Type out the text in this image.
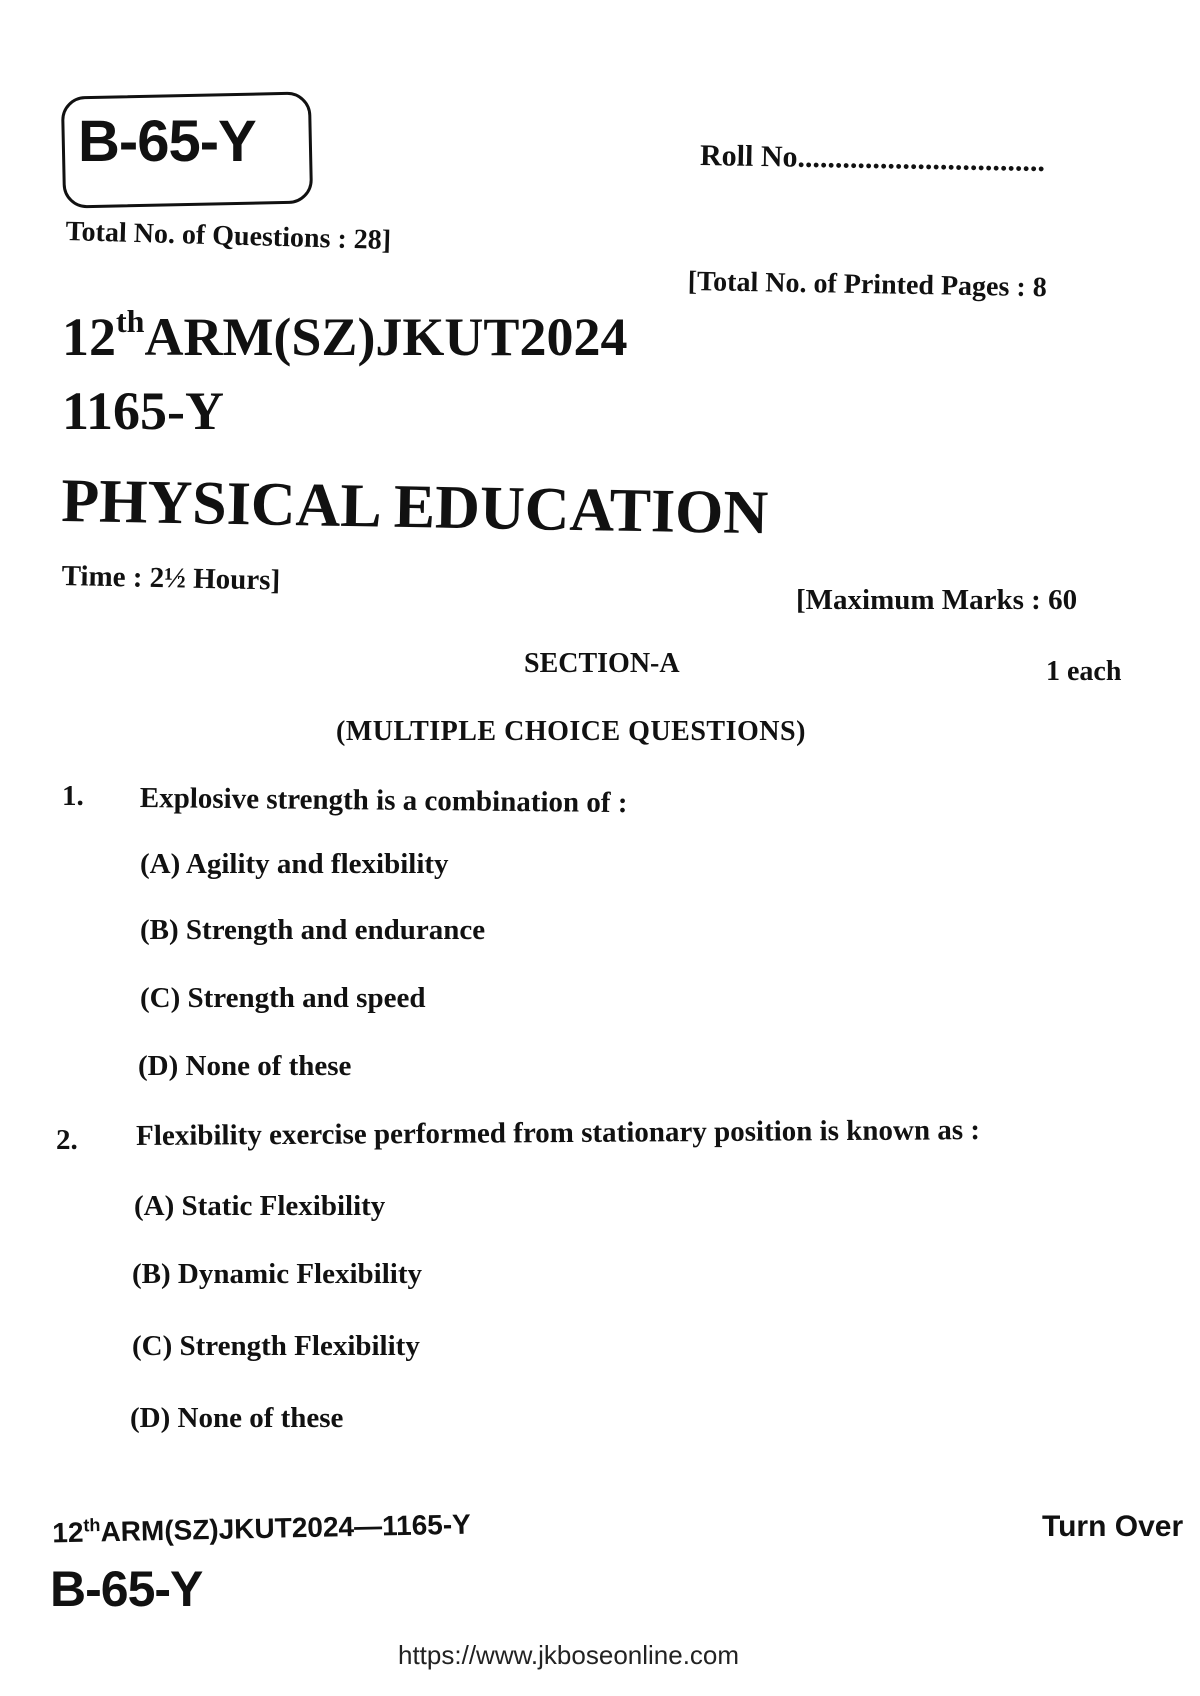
B-65-Y	Roll No.................................
Total No. of Questions : 28]
[Total No. of Printed Pages : 8
12thARM(SZ)JKUT2024
1165-Y
PHYSICAL EDUCATION
Time : 2½ Hours]
[Maximum Marks : 60
SECTION-A	1 each
(MULTIPLE CHOICE QUESTIONS)
1. Explosive strength is a combination of :
(A) Agility and flexibility
(B) Strength and endurance
(C) Strength and speed
(D) None of these
2. Flexibility exercise performed from stationary position is known as :
(A) Static Flexibility
(B) Dynamic Flexibility
(C) Strength Flexibility
(D) None of these
12thARM(SZ)JKUT2024—1165-Y	Turn Over
B-65-Y
https://www.jkboseonline.com
